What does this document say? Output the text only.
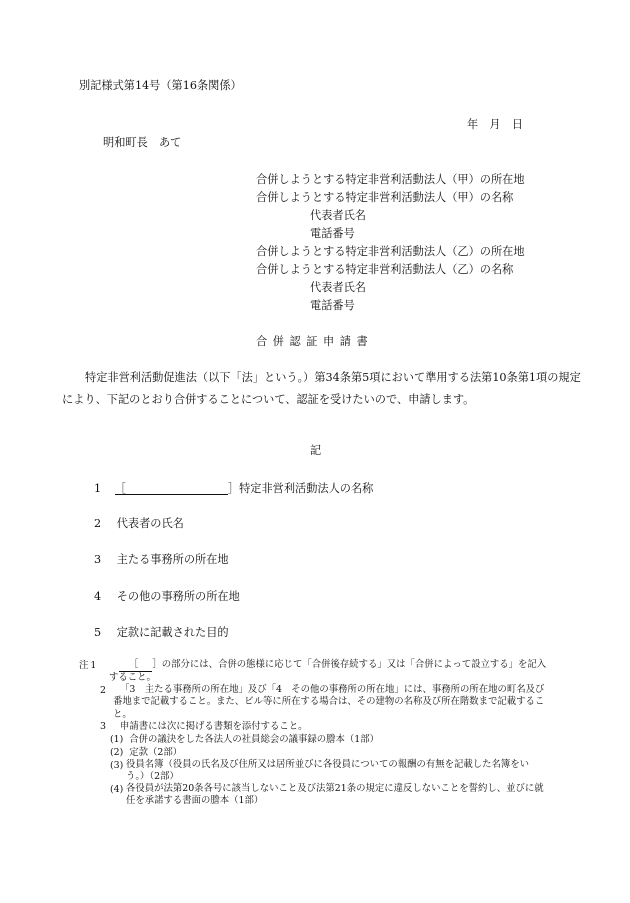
別記様式第14号（第16条関係）
年　月　日
明和町長　あて
合併しようとする特定非営利活動法人（甲）の所在地
合併しようとする特定非営利活動法人（甲）の名称
代表者氏名
電話番号
合併しようとする特定非営利活動法人（乙）の所在地
合併しようとする特定非営利活動法人（乙）の名称
代表者氏名
電話番号
合 併 認 証 申 請 書
特定非営利活動促進法（以下「法」という。）第34条第5項において準用する法第10条第1項の規定により、下記のとおり合併することについて、認証を受けたいので、申請します。
記
1 ［	］特定非営利活動法人の名称
2 代表者の氏名
3 主たる事務所の所在地
4 その他の事務所の所在地
5 定款に記載された目的
注 1	［ ］の部分には、合併の態様に応じて「合併後存続する」又は「合併によって設立する」を記入すること。
2	「3　主たる事務所の所在地」及び「4　その他の事務所の所在地」には、事務所の所在地の町名及び番地まで記載すること。また、ビル等に所在する場合は、その建物の名称及び所在階数まで記載すること。
3 申請書には次に掲げる書類を添付すること。
(1) 合併の議決をした各法人の社員総会の議事録の謄本（1部）
(2) 定款（2部）
(3) 役員名簿（役員の氏名及び住所又は居所並びに各役員についての報酬の有無を記載した名簿をいう。）（2部）
(4) 各役員が法第20条各号に該当しないこと及び法第21条の規定に違反しないことを誓約し、並びに就任を承諾する書面の謄本（1部）
